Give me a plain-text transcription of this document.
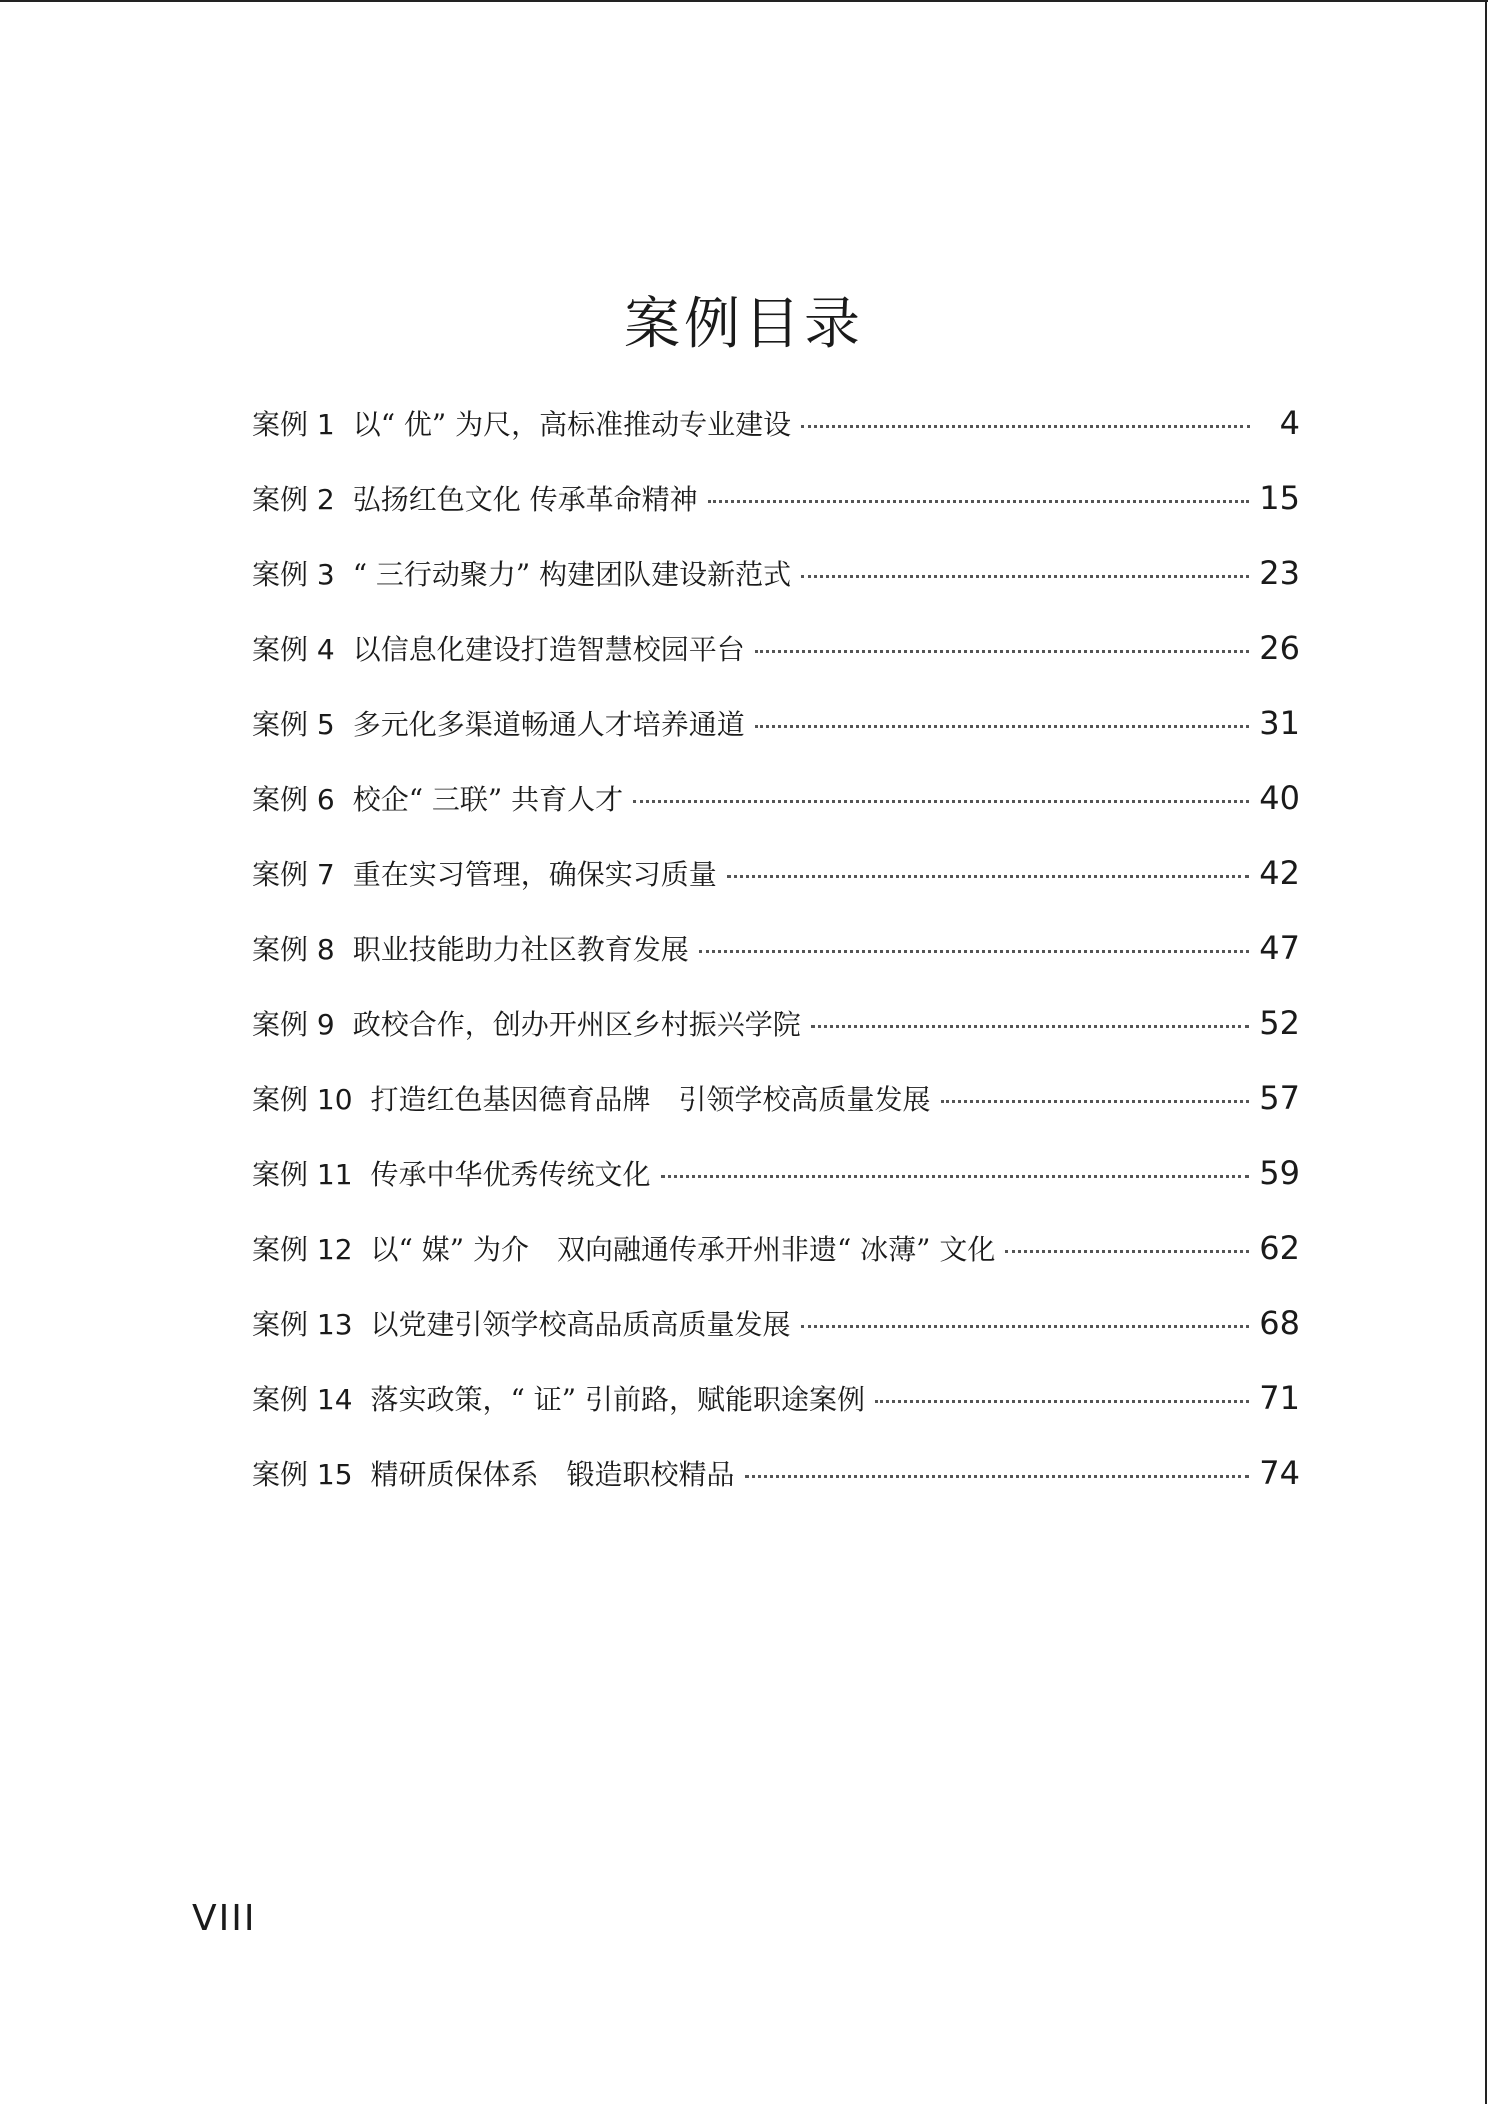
案例目录
案例 1 以“ 优” 为尺，高标准推动专业建设	4
案例 2 弘扬红色文化 传承革命精神	15
案例 3 “ 三行动聚力” 构建团队建设新范式	23
案例 4 以信息化建设打造智慧校园平台	26
案例 5 多元化多渠道畅通人才培养通道	31
案例 6 校企“ 三联” 共育人才	40
案例 7 重在实习管理，确保实习质量	42
案例 8 职业技能助力社区教育发展	47
案例 9 政校合作，创办开州区乡村振兴学院	52
案例 10 打造红色基因德育品牌　引领学校高质量发展	57
案例 11 传承中华优秀传统文化	59
案例 12 以“ 媒” 为介　双向融通传承开州非遗“ 冰薄” 文化	62
案例 13 以党建引领学校高品质高质量发展	68
案例 14 落实政策，“ 证” 引前路，赋能职途案例	71
案例 15 精研质保体系　锻造职校精品	74
VIII
